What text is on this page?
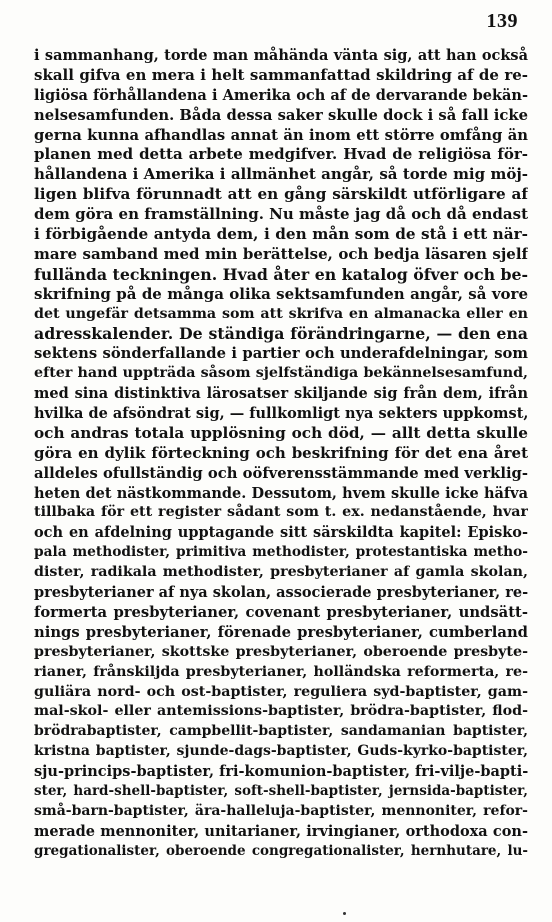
139
i sammanhang, torde man måhända vänta sig, att han också
skall gifva en mera i helt sammanfattad skildring af de re-
ligiösa förhållandena i Amerika och af de dervarande bekän-
nelsesamfunden. Båda dessa saker skulle dock i så fall icke
gerna kunna afhandlas annat än inom ett större omfång än
planen med detta arbete medgifver. Hvad de religiösa för-
hållandena i Amerika i allmänhet angår, så torde mig möj-
ligen blifva förunnadt att en gång särskildt utförligare af
dem göra en framställning. Nu måste jag då och då endast
i förbigående antyda dem, i den mån som de stå i ett när-
mare samband med min berättelse, och bedja läsaren sjelf
fullända teckningen. Hvad åter en katalog öfver och be-
skrifning på de många olika sektsamfunden angår, så vore
det ungefär detsamma som att skrifva en almanacka eller en
adresskalender. De ständiga förändringarne, — den ena
sektens sönderfallande i partier och underafdelningar, som
efter hand uppträda såsom sjelfständiga bekännelsesamfund,
med sina distinktiva lärosatser skiljande sig från dem, ifrån
hvilka de afsöndrat sig, — fullkomligt nya sekters uppkomst,
och andras totala upplösning och död, — allt detta skulle
göra en dylik förteckning och beskrifning för det ena året
alldeles ofullständig och oöfverensstämmande med verklig-
heten det nästkommande. Dessutom, hvem skulle icke häfva
tillbaka för ett register sådant som t. ex. nedanstående, hvar
och en afdelning upptagande sitt särskildta kapitel: Episko-
pala methodister, primitiva methodister, protestantiska metho-
dister, radikala methodister, presbyterianer af gamla skolan,
presbyterianer af nya skolan, associerade presbyterianer, re-
formerta presbyterianer, covenant presbyterianer, undsätt-
nings presbyterianer, förenade presbyterianer, cumberland
presbyterianer, skottske presbyterianer, oberoende presbyte-
rianer, frånskiljda presbyterianer, holländska reformerta, re-
guliära nord- och ost-baptister, reguliera syd-baptister, gam-
mal-skol- eller antemissions-baptister, brödra-baptister, flod-
brödrabaptister, campbellit-baptister, sandamanian baptister,
kristna baptister, sjunde-dags-baptister, Guds-kyrko-baptister,
sju-princips-baptister, fri-komunion-baptister, fri-vilje-bapti-
ster, hard-shell-baptister, soft-shell-baptister, jernsida-baptister,
små-barn-baptister, ära-halleluja-baptister, mennoniter, refor-
merade mennoniter, unitarianer, irvingianer, orthodoxa con-
gregationalister, oberoende congregationalister, hernhutare, lu-
